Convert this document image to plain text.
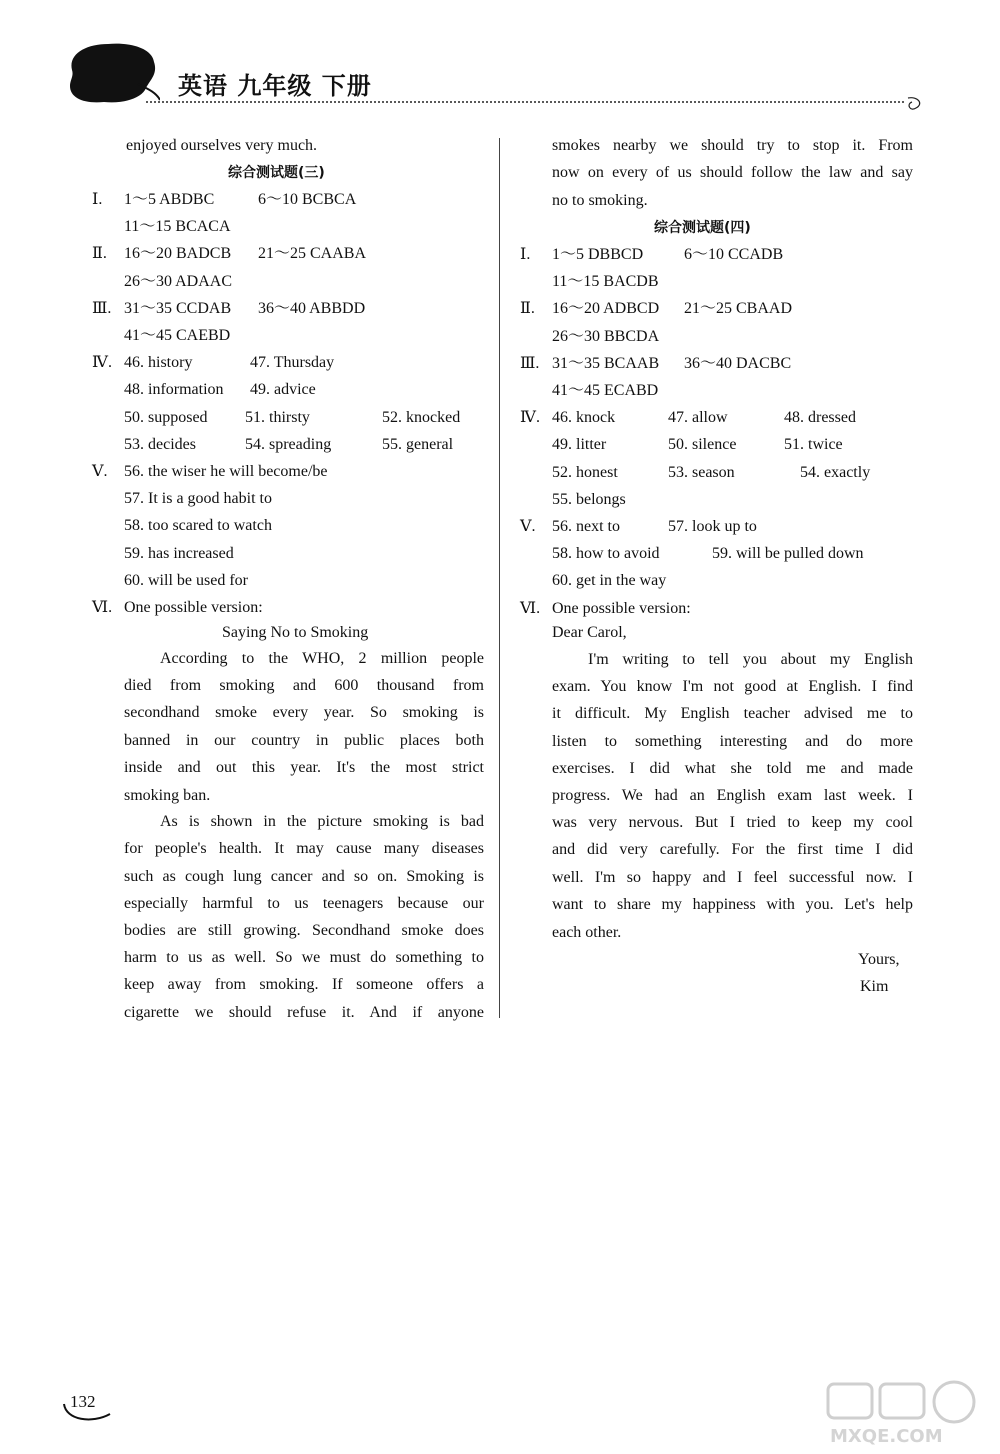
英语 九年级 下册
132
MXQE.COM
enjoyed ourselves very much.
综合测试题(三)
Ⅰ. 1～5 ABDBC	6～10 BCBCA
11～15 BCACA
Ⅱ. 16～20 BADCB 21～25 CAABA
26～30 ADAAC
Ⅲ. 31～35 CCDAB 36～40 ABBDD
41～45 CAEBD
Ⅳ. 46. history	47. Thursday
48. information 49. advice
50. supposed 51. thirsty	52. knocked
53. decides	54. spreading	55. general
Ⅴ. 56. the wiser he will become/be
57. It is a good habit to
58. too scared to watch
59. has increased
60. will be used for
Ⅵ. One possible version:
Saying No to Smoking
According to the WHO, 2 million people
died from smoking and 600 thousand from
secondhand smoke every year. So smoking is
banned in our country in public places both
inside and out this year. It's the most strict
smoking ban.
As is shown in the picture smoking is bad
for people's health. It may cause many diseases
such as cough lung cancer and so on. Smoking is
especially harmful to us teenagers because our
bodies are still growing. Secondhand smoke does
harm to us as well. So we must do something to
keep away from smoking. If someone offers a
cigarette we should refuse it. And if anyone
smokes nearby we should try to stop it. From
now on every of us should follow the law and say
no to smoking.
综合测试题(四)
Ⅰ. 1～5 DBBCD	6～10 CCADB
11～15 BACDB
Ⅱ. 16～20 ADBCD 21～25 CBAAD
26～30 BBCDA
Ⅲ. 31～35 BCAAB 36～40 DACBC
41～45 ECABD
Ⅳ. 46. knock	47. allow	48. dressed
49. litter	50. silence	51. twice
52. honest	53. season	54. exactly
55. belongs
Ⅴ. 56. next to	57. look up to
58. how to avoid	59. will be pulled down
60. get in the way
Ⅵ. One possible version:
Dear Carol,
I'm writing to tell you about my English
exam. You know I'm not good at English. I find
it difficult. My English teacher advised me to
listen to something interesting and do more
exercises. I did what she told me and made
progress. We had an English exam last week. I
was very nervous. But I tried to keep my cool
and did very carefully. For the first time I did
well. I'm so happy and I feel successful now. I
want to share my happiness with you. Let's help
each other.
Yours,
Kim
